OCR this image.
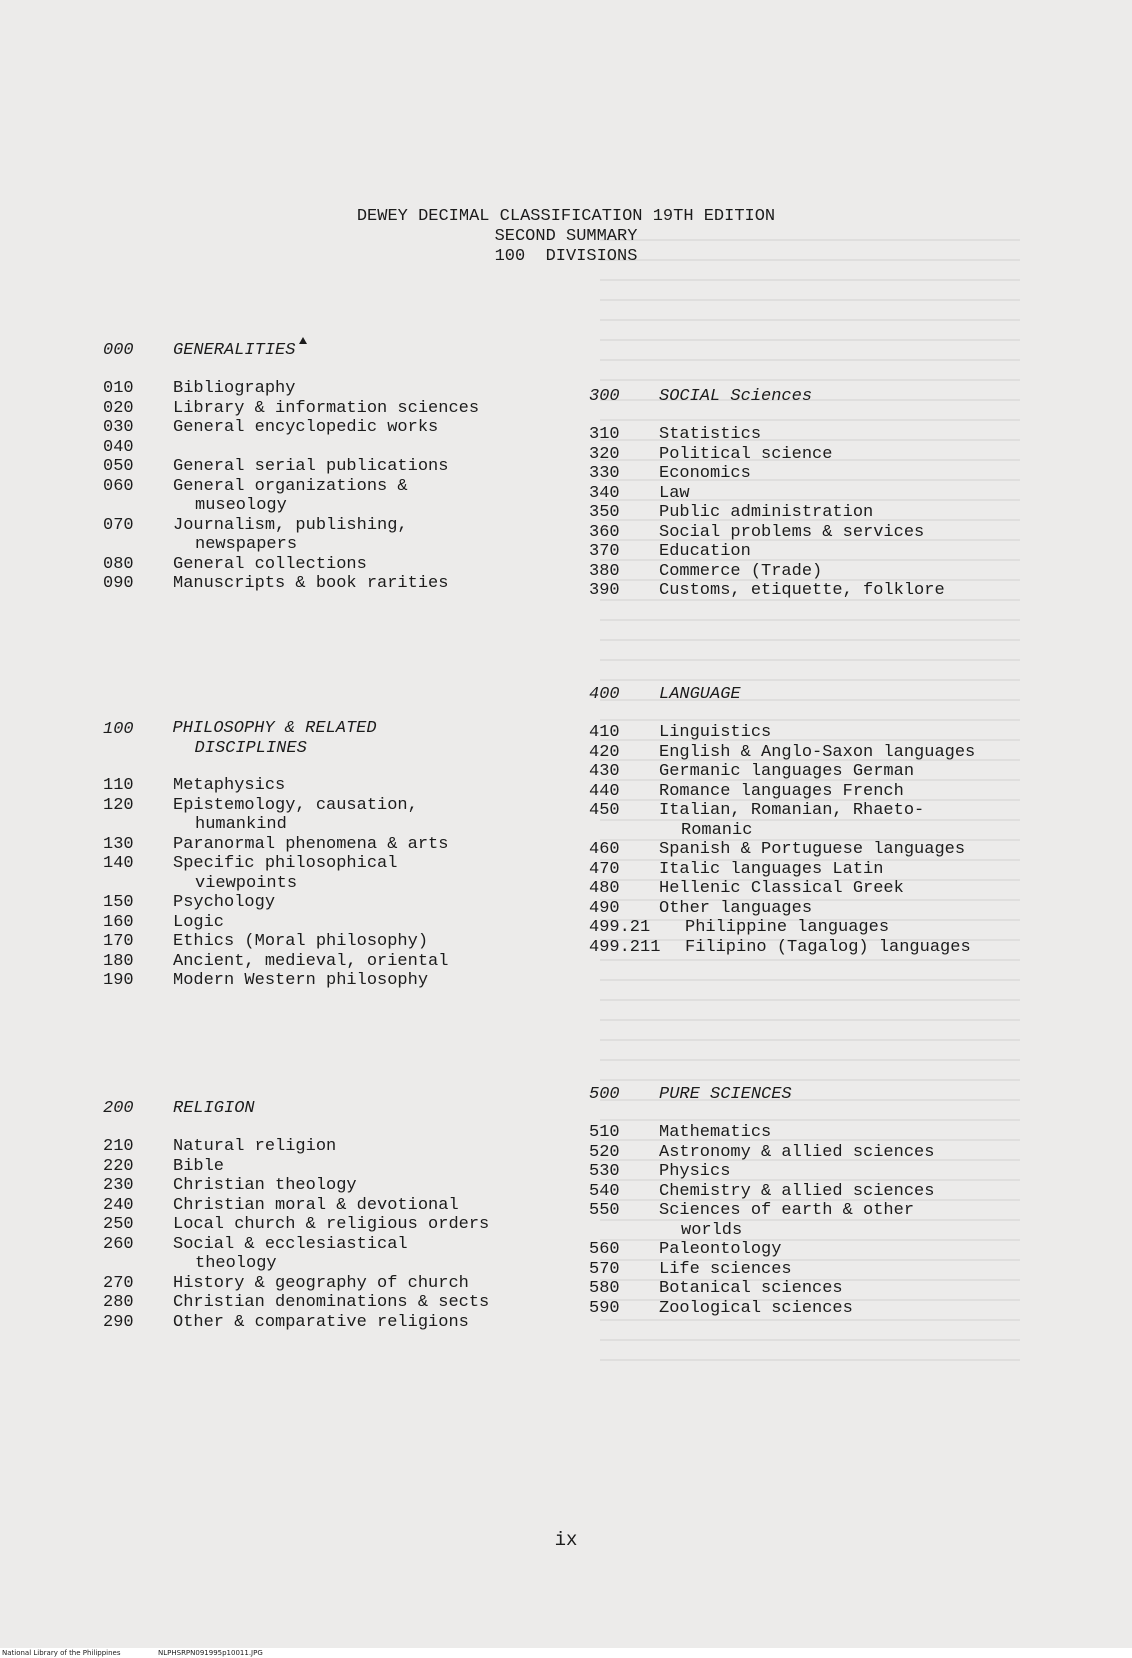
DEWEY DECIMAL CLASSIFICATION 19TH EDITION
SECOND SUMMARY
100  DIVISIONS
000	GENERALITIES
010	Bibliography
020	Library & information sciences
030	General encyclopedic works
040
050	General serial publications
060	General organizations & museology
070	Journalism, publishing, newspapers
080	General collections
090	Manuscripts & book rarities
100	PHILOSOPHY & RELATED DISCIPLINES
110	Metaphysics
120	Epistemology, causation, humankind
130	Paranormal phenomena & arts
140	Specific philosophical viewpoints
150	Psychology
160	Logic
170	Ethics (Moral philosophy)
180	Ancient, medieval, oriental
190	Modern Western philosophy
200	RELIGION
210	Natural religion
220	Bible
230	Christian theology
240	Christian moral & devotional
250	Local church & religious orders
260	Social & ecclesiastical theology
270	History & geography of church
280	Christian denominations & sects
290	Other & comparative religions
300	SOCIAL Sciences
310	Statistics
320	Political science
330	Economics
340	Law
350	Public administration
360	Social problems & services
370	Education
380	Commerce (Trade)
390	Customs, etiquette, folklore
400	LANGUAGE
410	Linguistics
420	English & Anglo-Saxon languages
430	Germanic languages German
440	Romance languages French
450	Italian, Romanian, Rhaeto-Romanic
460	Spanish & Portuguese languages
470	Italic languages Latin
480	Hellenic Classical Greek
490	Other languages
499.21	Philippine languages
499.211	Filipino (Tagalog) languages
500	PURE SCIENCES
510	Mathematics
520	Astronomy & allied sciences
530	Physics
540	Chemistry & allied sciences
550	Sciences of earth & other worlds
560	Paleontology
570	Life sciences
580	Botanical sciences
590	Zoological sciences
ix
National Library of the Philippines	NLPHSRPN091995p10011.JPG
